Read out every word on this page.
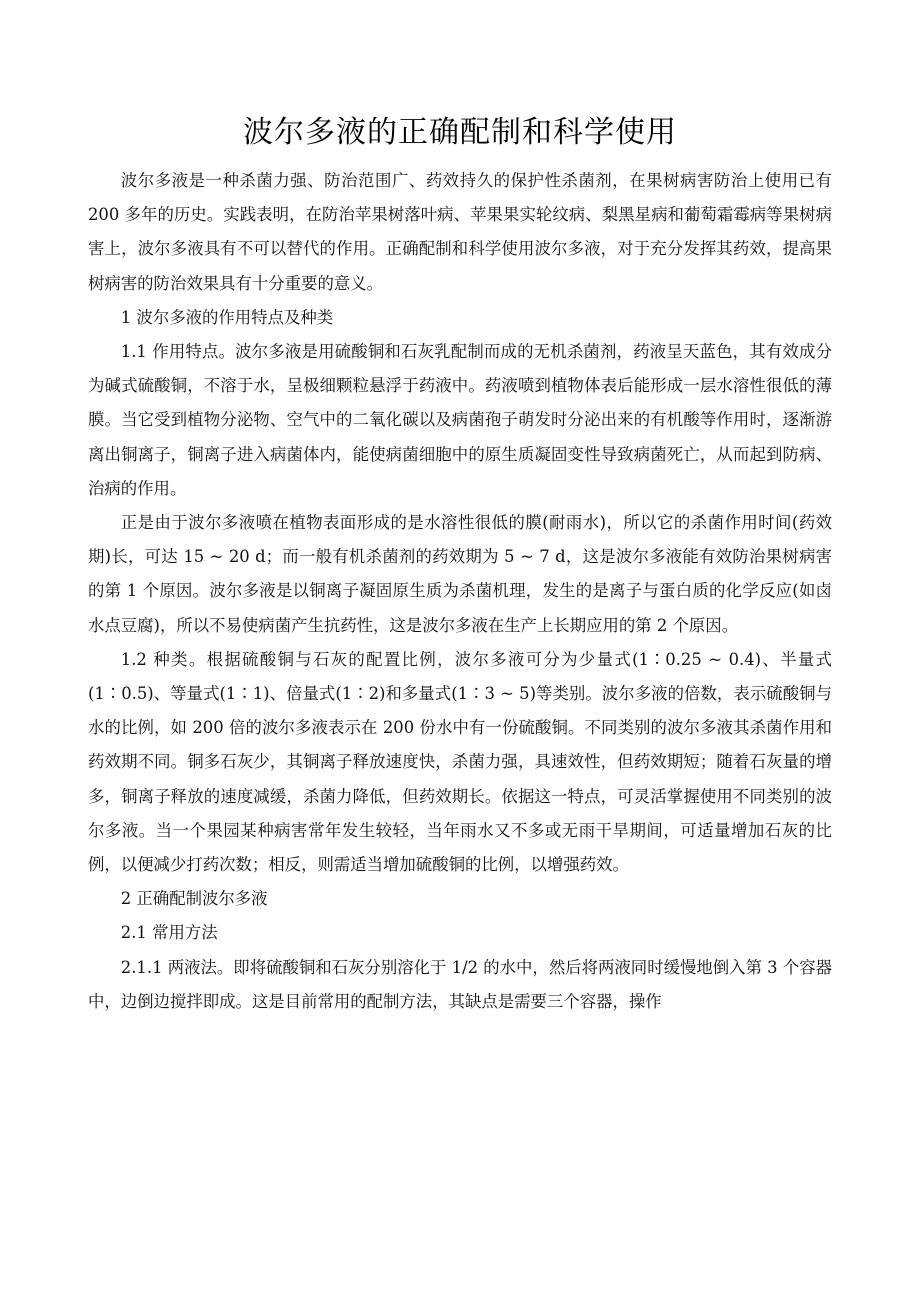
波尔多液的正确配制和科学使用

波尔多液是一种杀菌力强、防治范围广、药效持久的保护性杀菌剂，在果树病害防治上使用已有 200 多年的历史。实践表明，在防治苹果树落叶病、苹果果实轮纹病、梨黑星病和葡萄霜霉病等果树病害上，波尔多液具有不可以替代的作用。正确配制和科学使用波尔多液，对于充分发挥其药效，提高果树病害的防治效果具有十分重要的意义。

1 波尔多液的作用特点及种类

1.1 作用特点。波尔多液是用硫酸铜和石灰乳配制而成的无机杀菌剂，药液呈天蓝色，其有效成分为碱式硫酸铜，不溶于水，呈极细颗粒悬浮于药液中。药液喷到植物体表后能形成一层水溶性很低的薄膜。当它受到植物分泌物、空气中的二氧化碳以及病菌孢子萌发时分泌出来的有机酸等作用时，逐渐游离出铜离子，铜离子进入病菌体内，能使病菌细胞中的原生质凝固变性导致病菌死亡，从而起到防病、治病的作用。

正是由于波尔多液喷在植物表面形成的是水溶性很低的膜(耐雨水)，所以它的杀菌作用时间(药效期)长，可达 15 ~ 20 d；而一般有机杀菌剂的药效期为 5 ~ 7 d，这是波尔多液能有效防治果树病害的第 1 个原因。波尔多液是以铜离子凝固原生质为杀菌机理，发生的是离子与蛋白质的化学反应(如卤水点豆腐)，所以不易使病菌产生抗药性，这是波尔多液在生产上长期应用的第 2 个原因。

1.2 种类。根据硫酸铜与石灰的配置比例，波尔多液可分为少量式(1∶0.25 ~ 0.4)、半量式(1∶0.5)、等量式(1∶1)、倍量式(1∶2)和多量式(1∶3 ~ 5)等类别。波尔多液的倍数，表示硫酸铜与水的比例，如 200 倍的波尔多液表示在 200 份水中有一份硫酸铜。不同类别的波尔多液其杀菌作用和药效期不同。铜多石灰少，其铜离子释放速度快，杀菌力强，具速效性，但药效期短；随着石灰量的增多，铜离子释放的速度减缓，杀菌力降低，但药效期长。依据这一特点，可灵活掌握使用不同类别的波尔多液。当一个果园某种病害常年发生较轻，当年雨水又不多或无雨干旱期间，可适量增加石灰的比例，以便减少打药次数；相反，则需适当增加硫酸铜的比例，以增强药效。

2 正确配制波尔多液

2.1 常用方法

2.1.1 两液法。即将硫酸铜和石灰分别溶化于 1/2 的水中，然后将两液同时缓慢地倒入第 3 个容器中，边倒边搅拌即成。这是目前常用的配制方法，其缺点是需要三个容器，操作
